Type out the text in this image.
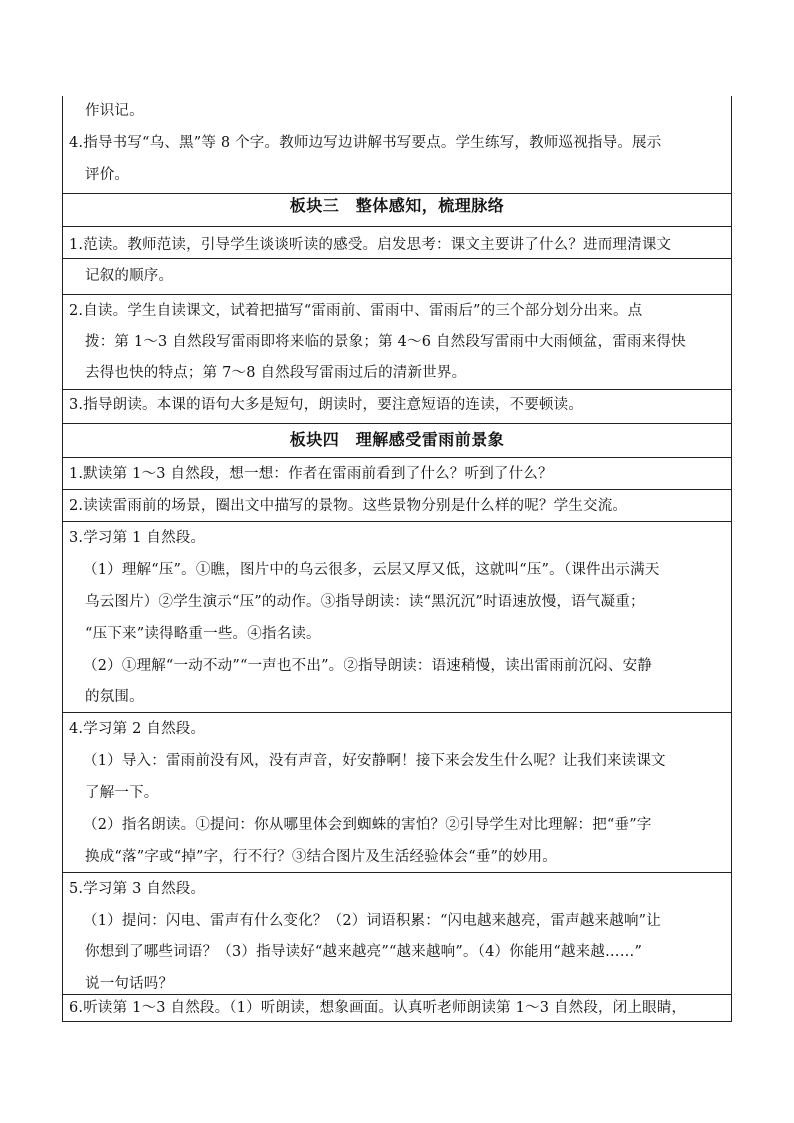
作识记。
4.指导书写“乌、黑”等 8 个字。教师边写边讲解书写要点。学生练写，教师巡视指导。展示
评价。
板块三　整体感知，梳理脉络
1.范读。教师范读，引导学生谈谈听读的感受。启发思考：课文主要讲了什么？进而理清课文
记叙的顺序。
2.自读。学生自读课文，试着把描写“雷雨前、雷雨中、雷雨后”的三个部分划分出来。点
拨：第 1～3 自然段写雷雨即将来临的景象；第 4～6 自然段写雷雨中大雨倾盆，雷雨来得快
去得也快的特点；第 7～8 自然段写雷雨过后的清新世界。
3.指导朗读。本课的语句大多是短句，朗读时，要注意短语的连读，不要顿读。
板块四　理解感受雷雨前景象
1.默读第 1～3 自然段，想一想：作者在雷雨前看到了什么？听到了什么？
2.读读雷雨前的场景，圈出文中描写的景物。这些景物分别是什么样的呢？学生交流。
3.学习第 1 自然段。
（1）理解“压”。①瞧，图片中的乌云很多，云层又厚又低，这就叫“压”。（课件出示满天
乌云图片）②学生演示“压”的动作。③指导朗读：读“黑沉沉”时语速放慢，语气凝重；
“压下来”读得略重一些。④指名读。
（2）①理解“一动不动”“一声也不出”。②指导朗读：语速稍慢，读出雷雨前沉闷、安静
的氛围。
4.学习第 2 自然段。
（1）导入：雷雨前没有风，没有声音，好安静啊！接下来会发生什么呢？让我们来读课文
了解一下。
（2）指名朗读。①提问：你从哪里体会到蜘蛛的害怕？②引导学生对比理解：把“垂”字
换成“落”字或“掉”字，行不行？③结合图片及生活经验体会“垂”的妙用。
5.学习第 3 自然段。
（1）提问：闪电、雷声有什么变化？（2）词语积累：“闪电越来越亮，雷声越来越响”让
你想到了哪些词语？（3）指导读好“越来越亮”“越来越响”。（4）你能用“越来越……”
说一句话吗？
6.听读第 1～3 自然段。（1）听朗读，想象画面。认真听老师朗读第 1～3 自然段，闭上眼睛，
